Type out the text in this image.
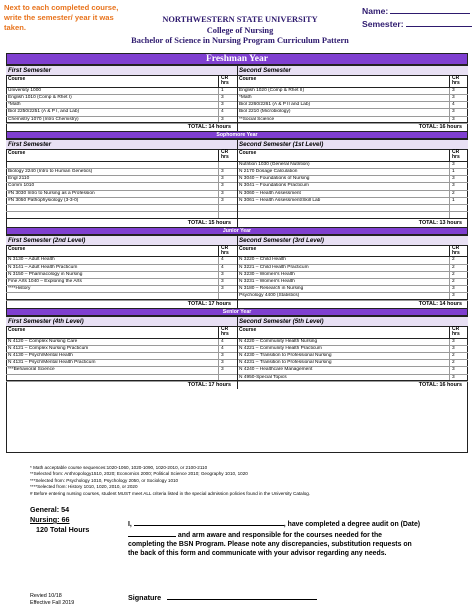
Next to each completed course, write the semester/ year it was taken.
NORTHWESTERN STATE UNIVERSITY
College of Nursing
Bachelor of Science in Nursing Program Curriculum Pattern
Name:
Semester:
Freshman Year
First Semester
Course	CR hrs
University 1000	1
English 1010 (Comp & Rhet I)	3
*Math	3
Biol 2250/2251 (A & P I, and Lab)	4
Chemistry 1070 (Intro Chemistry)	3
Second Semester
Course	CR hrs
English 1020 (Comp & Rhet II)	3
*Math	3
Biol 2260/2261 (A & P II and Lab)	4
Biol 2210 (Microbiology)	3
**Social Science	3
TOTAL: 14 hours	TOTAL: 16 hours
Sophomore Year
First Semester
Course	CR hrs
Biology 2240 (Intro to Human Genetics)	3
Engl 2110	3
Comm 1010	3
#N 3030 Intro to Nursing as a Profession	3
#N 3050 Pathophysiology (3-3-0)	3
Second Semester (1st Level)
Course	CR hrs
Nutrition 1030 (General Nutrition)	3
N 2170 Dosage Calculation	1
N 3040 – Foundations of Nursing	3
N 3041 – Foundations Practicum	3
N 3060 – Health Assessment	2
N 3061 – Health Assessment/Skill Lab	1
TOTAL: 15 hours	TOTAL: 13 hours
Junior Year
First Semester (2nd Level)
Course	CR hrs
N 3130 – Adult Health	4
N 3141 – Adult Health Practicum	4
N 3150 – Pharmacology in Nursing	3
Fine Arts 1040 – Exploring the Arts	3
****History	3
Second Semester (3rd Level)
Course	CR hrs
N 3220 – Child Health	2
N 3221 – Child Health Practicum	2
N 3230 – Women's Health	2
N 3231 – Women's Health	2
N 3180 – Research in Nursing	3
Psychology 4400 (Statistics)	3
TOTAL: 17 hours	TOTAL: 14 hours
Senior Year
First Semester (4th Level)
Course	CR hrs
N 4120 – Complex Nursing Care	4
N 4121 – Complex Nursing Practicum	4
N 4130 – Psych/Mental Health	3
N 4131 – Psych/Mental Health Practicum	3
***Behavioral Science	3
Second Semester (5th Level)
Course	CR hrs
N 4220 – Community Health Nursing	3
N 4221 – Community Health Practicum	3
N 4230 – Transition to Professional Nursing	2
N 4231 – Transition to Professional Nursing	2
N 4240 – Healthcare Management	3
N 4950-Special Topics	3
TOTAL: 17 hours	TOTAL: 16 hours
* Math acceptable course sequences:1020-1060, 1020-1090, 1020-2010, or 2100-2110
**Selected from: Anthropology1510, 2020; Economics 2000; Political Science 2010; Geography 1010, 1020
***Selected from: Psychology 1010, Psychology 2050, or Sociology 1010
****Selected from: History 1010, 1020, 2010, or 2020
# Before entering nursing courses, student MUST meet ALL criteria listed in the special admission policies found in the University Catalog.
General: 54
Nursing: 66
120 Total Hours
I,	, have completed a degree audit on (Date)
and arm aware and responsible for the courses needed for the
completing the BSN Program. Please note any discrepancies, substitution requests on
the back of this form and communicate with your advisor regarding any needs.
Revied 10/18
Effective Fall 2019
Signature
